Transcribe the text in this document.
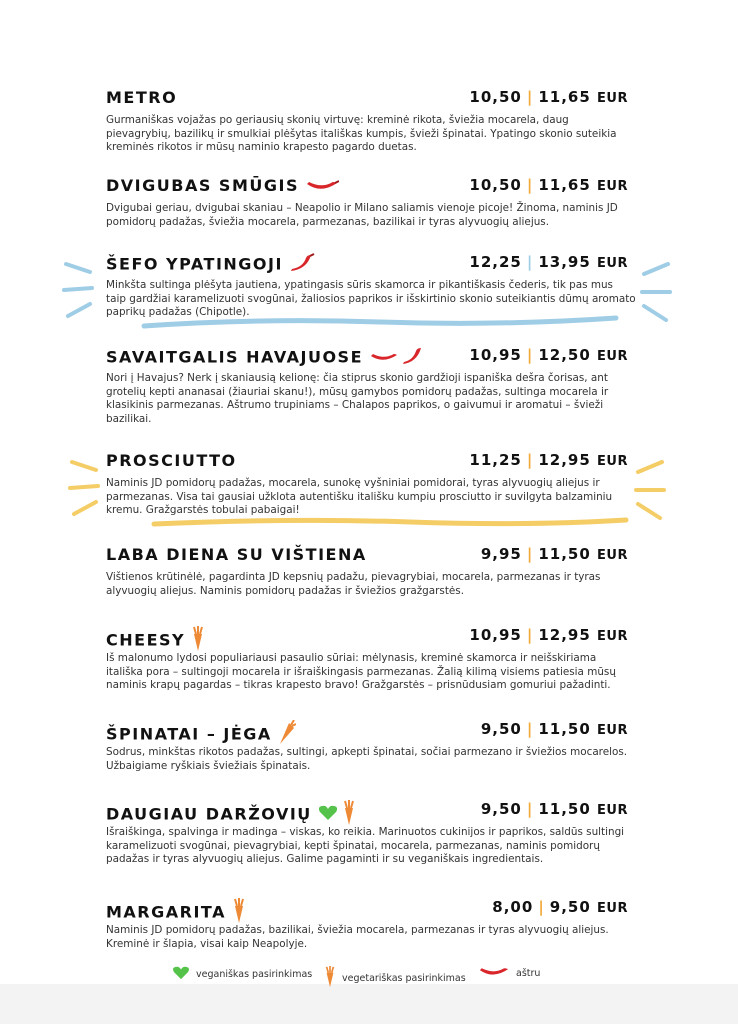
METRO	10,50 | 11,65 EUR
Gurmaniškas vojažas po geriausių skonių virtuvę: kreminė rikota, šviežia mocarela, daug pievagrybių, bazilikų ir smulkiai plėšytas itališkas kumpis, švieži špinatai. Ypatingo skonio suteikia kreminės rikotos ir mūsų naminio krapesto pagardo duetas.
DVIGUBAS SMŪGIS	10,50 | 11,65 EUR
Dvigubai geriau, dvigubai skaniau – Neapolio ir Milano saliamis vienoje picoje! Žinoma, naminis JD pomidorų padažas, šviežia mocarela, parmezanas, bazilikai ir tyras alyvuogių aliejus.
ŠEFO YPATINGOJI	12,25 | 13,95 EUR
Minkšta sultinga plėšyta jautiena, ypatingasis sūris skamorca ir pikantiškasis čederis, tik pas mus taip gardžiai karamelizuoti svogūnai, žaliosios paprikos ir išskirtinio skonio suteikiantis dūmų aromato paprikų padažas (Chipotle).
SAVAITGALIS HAVAJUOSE	10,95 | 12,50 EUR
Nori į Havajus? Nerk į skaniausią kelionę: čia stiprus skonio gardžioji ispaniška dešra čorisas, ant grotelių kepti ananasai (žiauriai skanu!), mūsų gamybos pomidorų padažas, sultinga mocarela ir klasikinis parmezanas. Aštrumo trupiniams – Chalapos paprikos, o gaivumui ir aromatui – švieži bazilikai.
PROSCIUTTO	11,25 | 12,95 EUR
Naminis JD pomidorų padažas, mocarela, sunokę vyšniniai pomidorai, tyras alyvuogių aliejus ir parmezanas. Visa tai gausiai užklota autentišku itališku kumpiu prosciutto ir suvilgyta balzaminiu kremu. Gražgarstės tobulai pabaigai!
LABA DIENA SU VIŠTIENA	9,95 | 11,50 EUR
Vištienos krūtinėlė, pagardinta JD kepsnių padažu, pievagrybiai, mocarela, parmezanas ir tyras alyvuogių aliejus. Naminis pomidorų padažas ir šviežios gražgarstės.
CHEESY	10,95 | 12,95 EUR
Iš malonumo lydosi populiariausi pasaulio sūriai: mėlynasis, kreminė skamorca ir neišskiriama itališka pora – sultingoji mocarela ir išraiškingasis parmezanas. Žalią kilimą visiems patiesia mūsų naminis krapų pagardas – tikras krapesto bravo! Gražgarstės – prisnūdusiam gomuriui pažadinti.
ŠPINATAI – JĖGA	9,50 | 11,50 EUR
Sodrus, minkštas rikotos padažas, sultingi, apkepti špinatai, sočiai parmezano ir šviežios mocarelos. Užbaigiame ryškiais šviežiais špinatais.
DAUGIAU DARŽOVIŲ	9,50 | 11,50 EUR
Išraiškinga, spalvinga ir madinga – viskas, ko reikia. Marinuotos cukinijos ir paprikos, saldūs sultingi karamelizuoti svogūnai, pievagrybiai, kepti špinatai, mocarela, parmezanas, naminis pomidorų padažas ir tyras alyvuogių aliejus. Galime pagaminti ir su veganiškais ingredientais.
MARGARITA	8,00 | 9,50 EUR
Naminis JD pomidorų padažas, bazilikai, šviežia mocarela, parmezanas ir tyras alyvuogių aliejus. Kreminė ir šlapia, visai kaip Neapolyje.
veganiškas pasirinkimas	vegetariškas pasirinkimas	aštru
